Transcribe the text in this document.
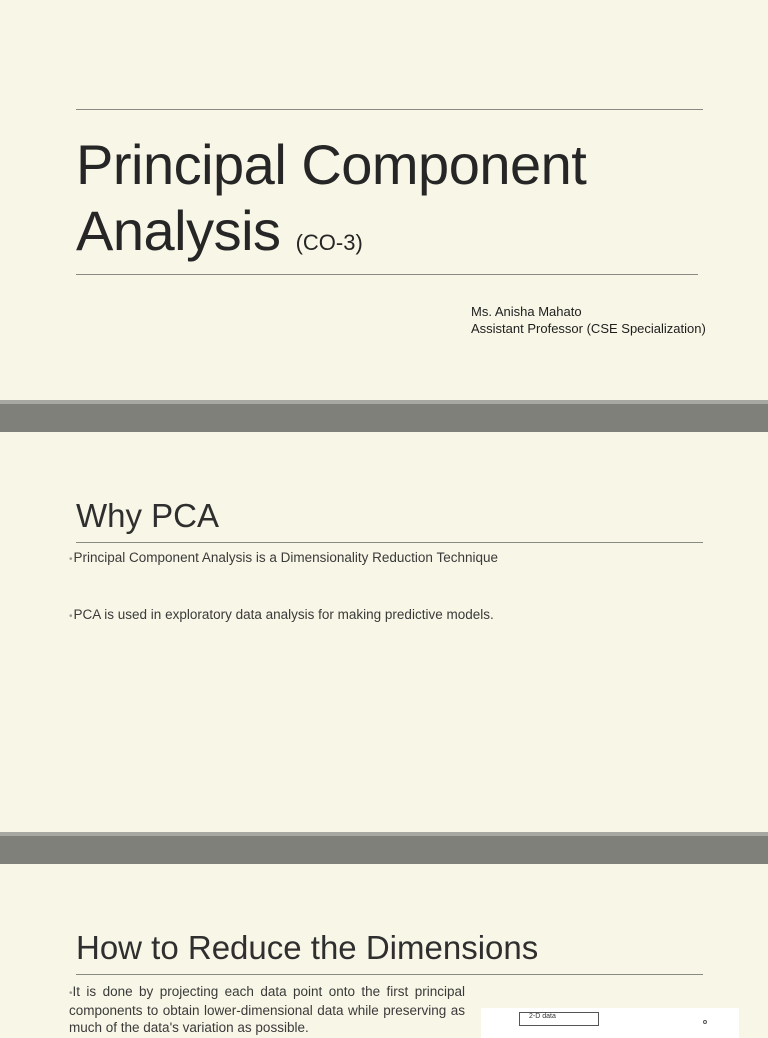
Principal Component Analysis (CO-3)
Ms. Anisha Mahato
Assistant Professor (CSE Specialization)
Why PCA
•Principal Component Analysis is a Dimensionality Reduction Technique
•PCA is used in exploratory data analysis for making predictive models.
How to Reduce the Dimensions
•It is done by projecting each data point onto the first principal components to obtain lower-dimensional data while preserving as much of the data's variation as possible.
2-D data
